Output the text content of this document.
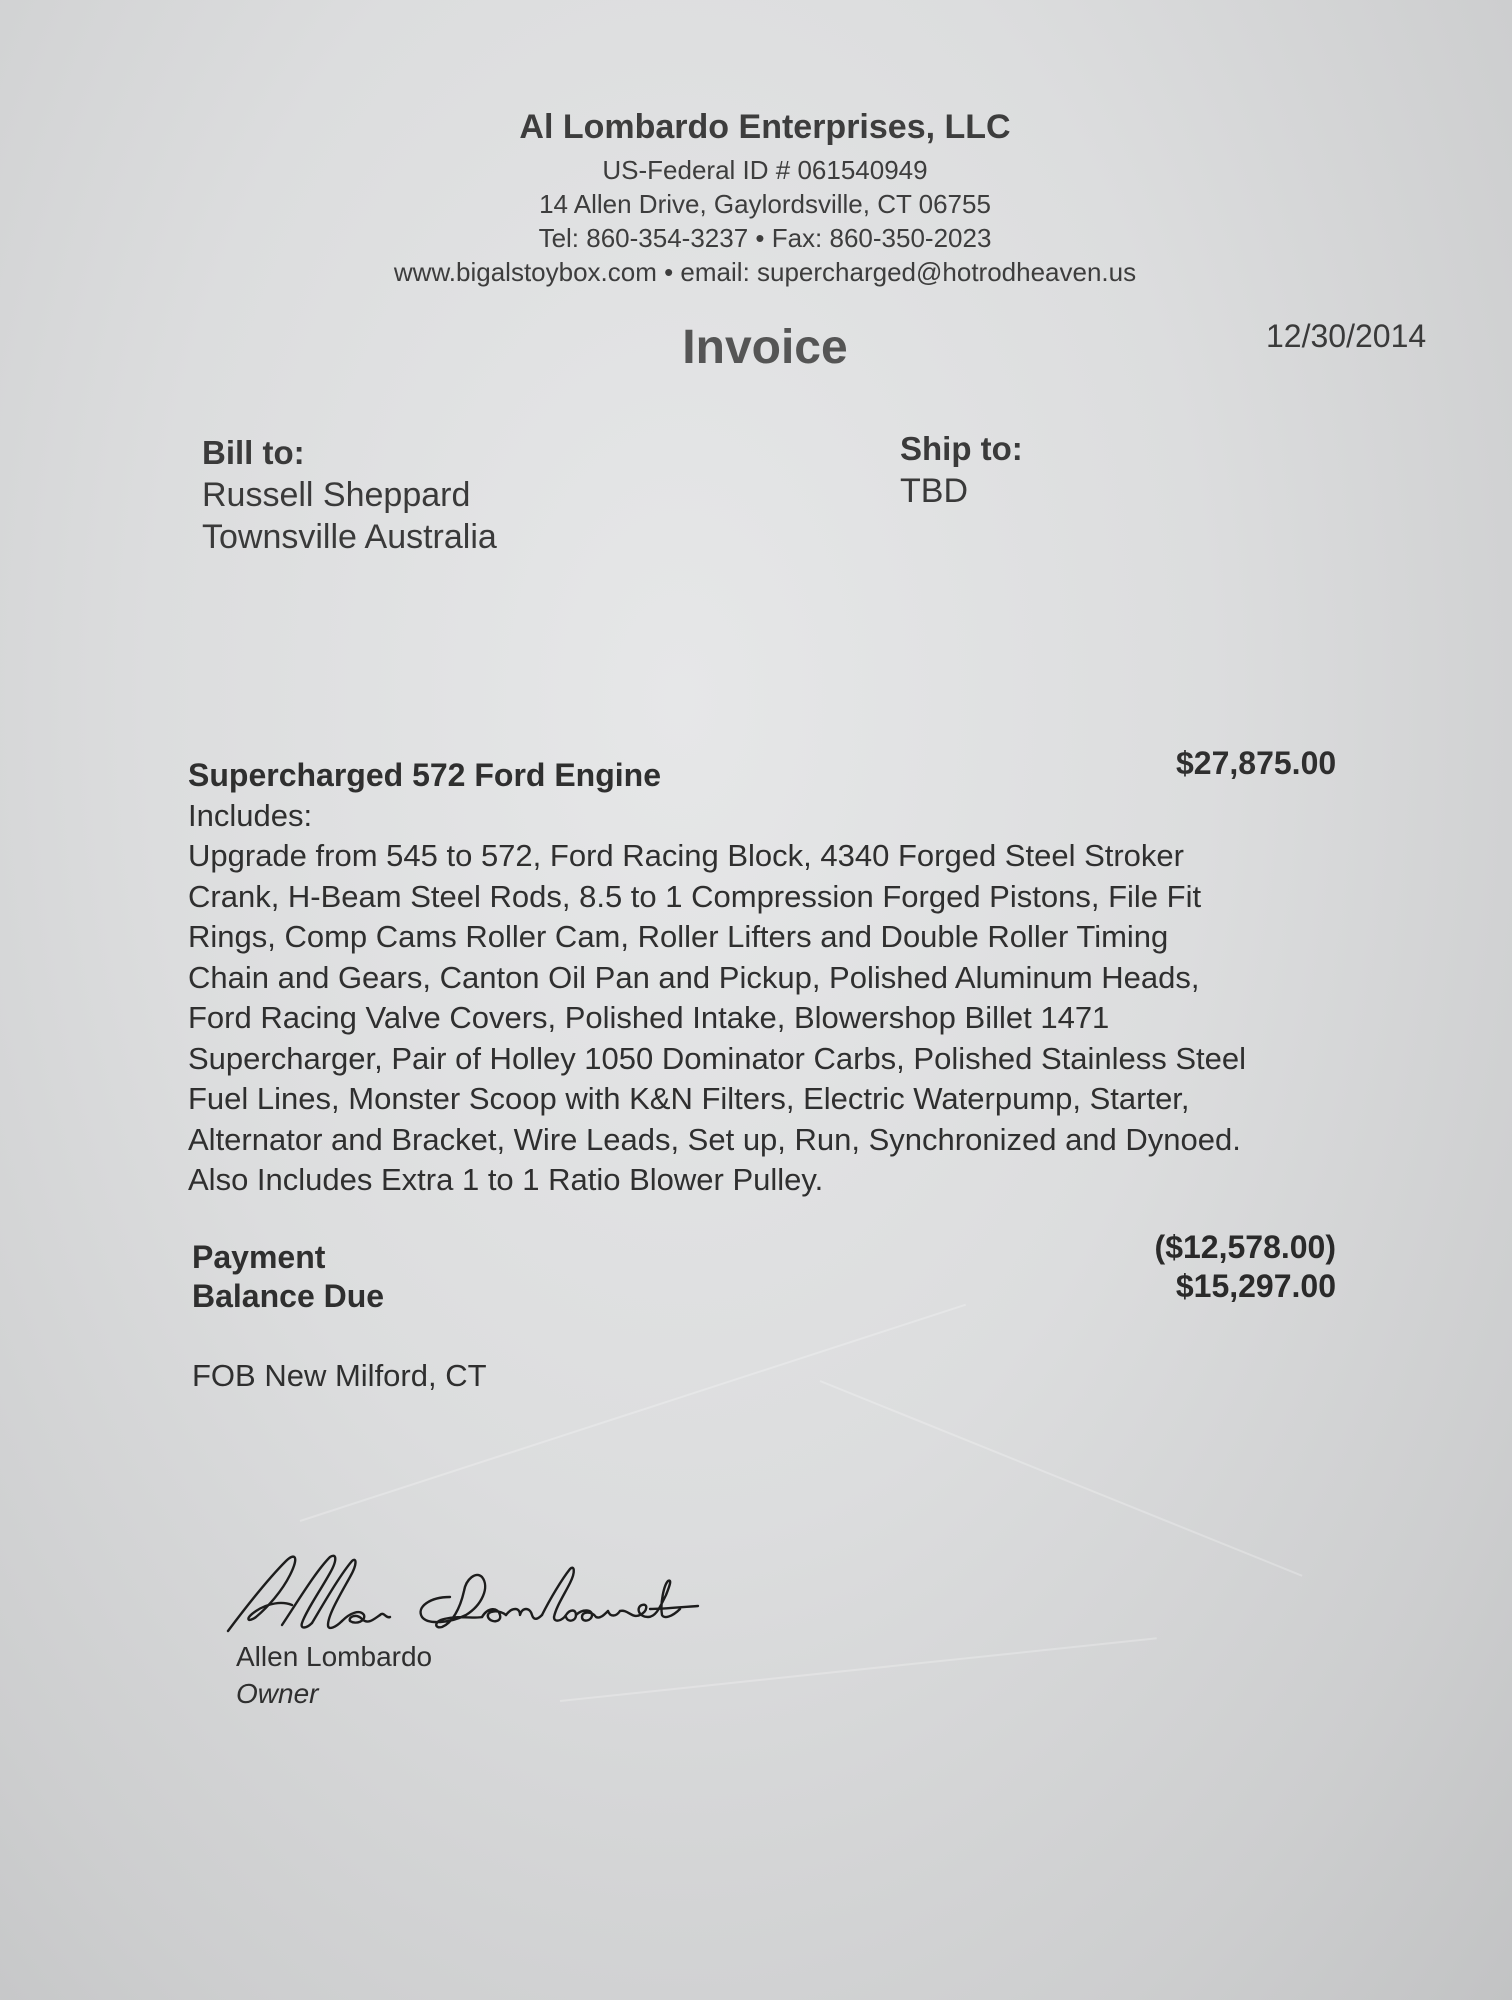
Al Lombardo Enterprises, LLC
US-Federal ID # 061540949
14 Allen Drive, Gaylordsville, CT 06755
Tel: 860-354-3237 • Fax: 860-350-2023
www.bigalstoybox.com • email: supercharged@hotrodheaven.us
Invoice	12/30/2014
Bill to:
Russell Sheppard
Townsville Australia
Ship to:
TBD
Supercharged 572 Ford Engine
Includes:
Upgrade from 545 to 572, Ford Racing Block, 4340 Forged Steel Stroker
Crank, H-Beam Steel Rods, 8.5 to 1 Compression Forged Pistons, File Fit
Rings, Comp Cams Roller Cam, Roller Lifters and Double Roller Timing
Chain and Gears, Canton Oil Pan and Pickup, Polished Aluminum Heads,
Ford Racing Valve Covers, Polished Intake, Blowershop Billet 1471
Supercharger, Pair of Holley 1050 Dominator Carbs, Polished Stainless Steel
Fuel Lines, Monster Scoop with K&N Filters, Electric Waterpump, Starter,
Alternator and Bracket, Wire Leads, Set up, Run, Synchronized and Dynoed.
Also Includes Extra 1 to 1 Ratio Blower Pulley.
$27,875.00
Payment
Balance Due
($12,578.00)
$15,297.00
FOB New Milford, CT
Allen Lombardo
Owner
